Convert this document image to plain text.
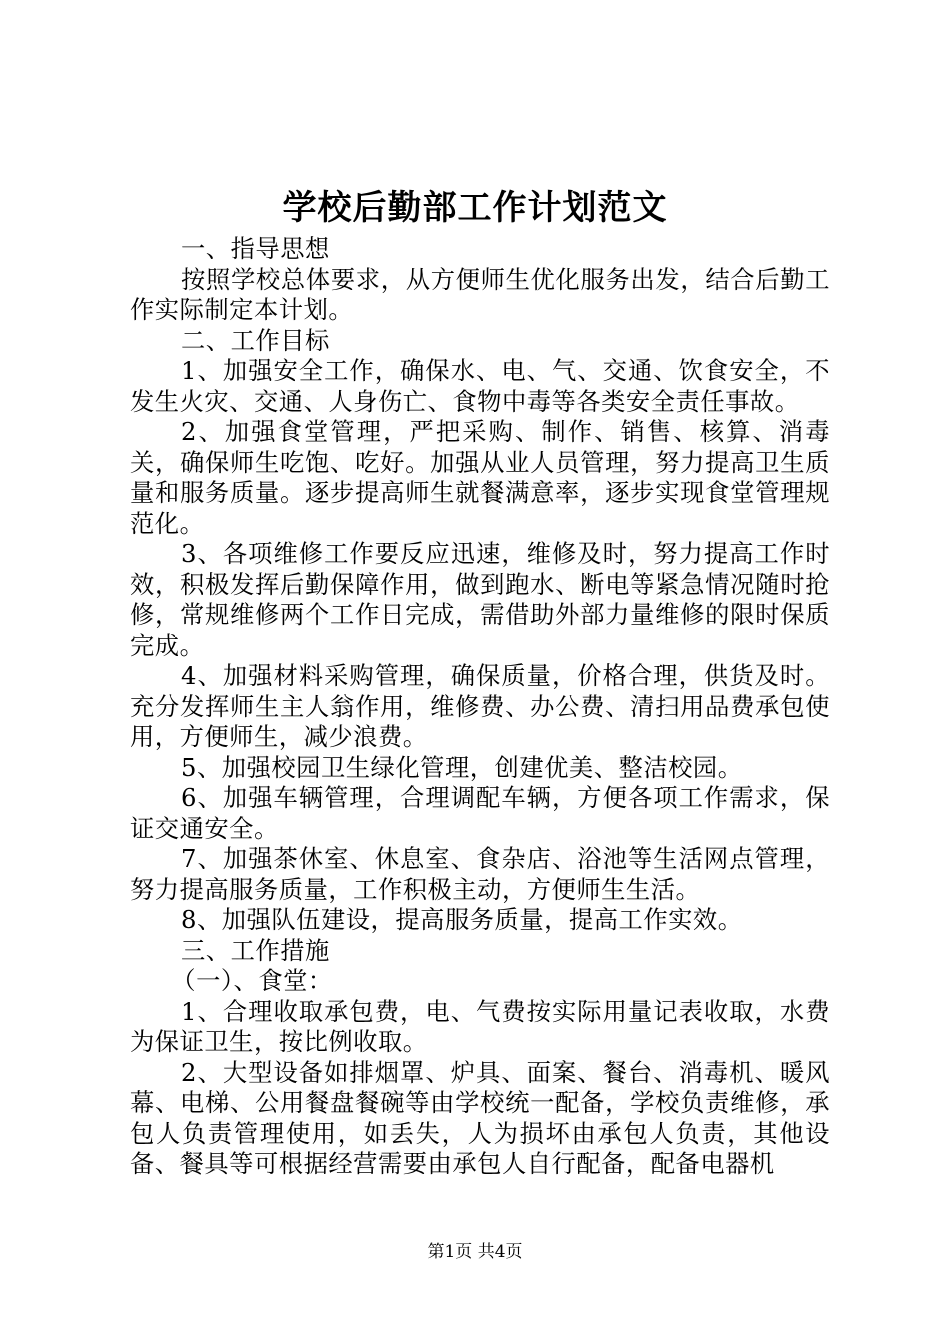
学校后勤部工作计划范文

一、指导思想

按照学校总体要求，从方便师生优化服务出发，结合后勤工作实际制定本计划。

二、工作目标

1、加强安全工作，确保水、电、气、交通、饮食安全，不发生火灾、交通、人身伤亡、食物中毒等各类安全责任事故。

2、加强食堂管理，严把采购、制作、销售、核算、消毒关，确保师生吃饱、吃好。加强从业人员管理，努力提高卫生质量和服务质量。逐步提高师生就餐满意率，逐步实现食堂管理规范化。

3、各项维修工作要反应迅速，维修及时，努力提高工作时效，积极发挥后勤保障作用，做到跑水、断电等紧急情况随时抢修，常规维修两个工作日完成，需借助外部力量维修的限时保质完成。

4、加强材料采购管理，确保质量，价格合理，供货及时。充分发挥师生主人翁作用，维修费、办公费、清扫用品费承包使用，方便师生，减少浪费。

5、加强校园卫生绿化管理，创建优美、整洁校园。

6、加强车辆管理，合理调配车辆，方便各项工作需求，保证交通安全。

7、加强茶休室、休息室、食杂店、浴池等生活网点管理，努力提高服务质量，工作积极主动，方便师生生活。

8、加强队伍建设，提高服务质量，提高工作实效。

三、工作措施

（一）、食堂：

1、合理收取承包费，电、气费按实际用量记表收取，水费为保证卫生，按比例收取。

2、大型设备如排烟罩、炉具、面案、餐台、消毒机、暖风幕、电梯、公用餐盘餐碗等由学校统一配备，学校负责维修，承包人负责管理使用，如丢失，人为损坏由承包人负责，其他设备、餐具等可根据经营需要由承包人自行配备，配备电器机

第1页 共4页
